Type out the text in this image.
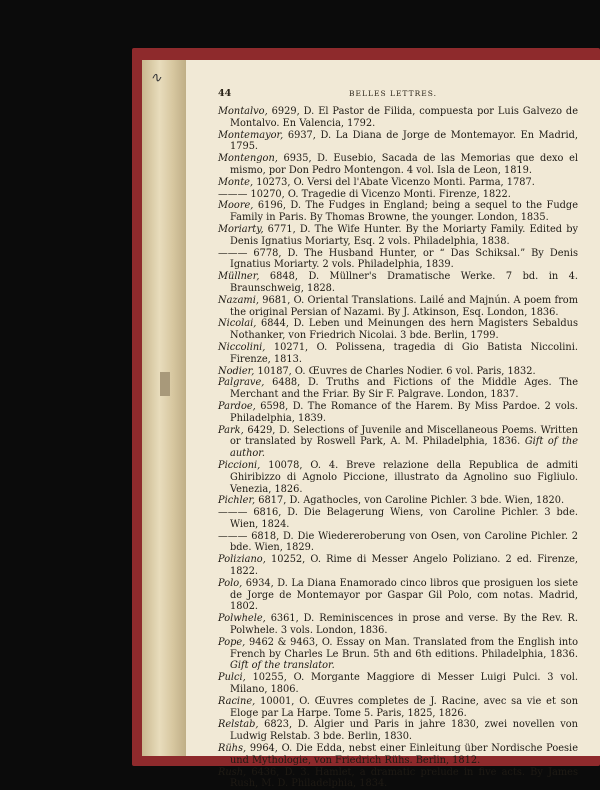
∿
BELLES LETTRES.
44

Montalvo, 6929, D. El Pastor de Filida, compuesta por Luis Galvezo de Montalvo. En Valencia, 1792.

Montemayor, 6937, D. La Diana de Jorge de Montemayor. En Madrid, 1795.

Montengon, 6935, D. Eusebio, Sacada de las Memorias que dexo el mismo, por Don Pedro Montengon. 4 vol. Isla de Leon, 1819.

Monte, 10273, O. Versi del l'Abate Vicenzo Monti. Parma, 1787.

——— 10270, O. Tragedie di Vicenzo Monti. Firenze, 1822.

Moore, 6196, D. The Fudges in England; being a sequel to the Fudge Family in Paris. By Thomas Browne, the younger. London, 1835.

Moriarty, 6771, D. The Wife Hunter. By the Moriarty Family. Edited by Denis Ignatius Moriarty, Esq. 2 vols. Philadelphia, 1838.

——— 6778, D. The Husband Hunter, or “ Das Schiksal.” By Denis Ignatius Moriarty. 2 vols. Philadelphia, 1839.

Müllner, 6848, D. Müllner's Dramatische Werke. 7 bd. in 4. Braunschweig, 1828.

Nazami, 9681, O. Oriental Translations. Lailé and Majnún. A poem from the original Persian of Nazami. By J. Atkinson, Esq. London, 1836.

Nicolai, 6844, D. Leben und Meinungen des hern Magisters Sebaldus Nothanker, von Friedrich Nicolai. 3 bde. Berlin, 1799.

Niccolini, 10271, O. Polissena, tragedia di Gio Batista Niccolini. Firenze, 1813.

Nodier, 10187, O. Œuvres de Charles Nodier. 6 vol. Paris, 1832.

Palgrave, 6488, D. Truths and Fictions of the Middle Ages. The Merchant and the Friar. By Sir F. Palgrave. London, 1837.

Pardoe, 6598, D. The Romance of the Harem. By Miss Pardoe. 2 vols. Philadelphia, 1839.

Park, 6429, D. Selections of Juvenile and Miscellaneous Poems. Written or translated by Roswell Park, A. M. Philadelphia, 1836. Gift of the author.

Piccioni, 10078, O. 4. Breve relazione della Republica de admiti Ghiribizzo di Agnolo Piccione, illustrato da Agnolino suo Figliulo. Venezia, 1826.

Pichler, 6817, D. Agathocles, von Caroline Pichler. 3 bde. Wien, 1820.

——— 6816, D. Die Belagerung Wiens, von Caroline Pichler. 3 bde. Wien, 1824.

——— 6818, D. Die Wiedereroberung von Osen, von Caroline Pichler. 2 bde. Wien, 1829.

Poliziano, 10252, O. Rime di Messer Angelo Poliziano. 2 ed. Firenze, 1822.

Polo, 6934, D. La Diana Enamorado cinco libros que prosiguen los siete de Jorge de Montemayor por Gaspar Gil Polo, com notas. Madrid, 1802.

Polwhele, 6361, D. Reminiscences in prose and verse. By the Rev. R. Polwhele. 3 vols. London, 1836.

Pope, 9462 & 9463, O. Essay on Man. Translated from the English into French by Charles Le Brun. 5th and 6th editions. Philadelphia, 1836. Gift of the translator.

Pulci, 10255, O. Morgante Maggiore di Messer Luigi Pulci. 3 vol. Milano, 1806.

Racine, 10001, O. Œuvres completes de J. Racine, avec sa vie et son Eloge par La Harpe. Tome 5. Paris, 1825, 1826.

Relstab, 6823, D. Algier und Paris in jahre 1830, zwei novellen von Ludwig Relstab. 3 bde. Berlin, 1830.

Rühs, 9964, O. Die Edda, nebst einer Einleitung über Nordische Poesie und Mythologie, von Friedrich Rühs. Berlin, 1812.

Rush, 6436, D. 3. Hamlet, a dramatic prelude in five acts. By James Rush, M. D. Philadelphia, 1834.
